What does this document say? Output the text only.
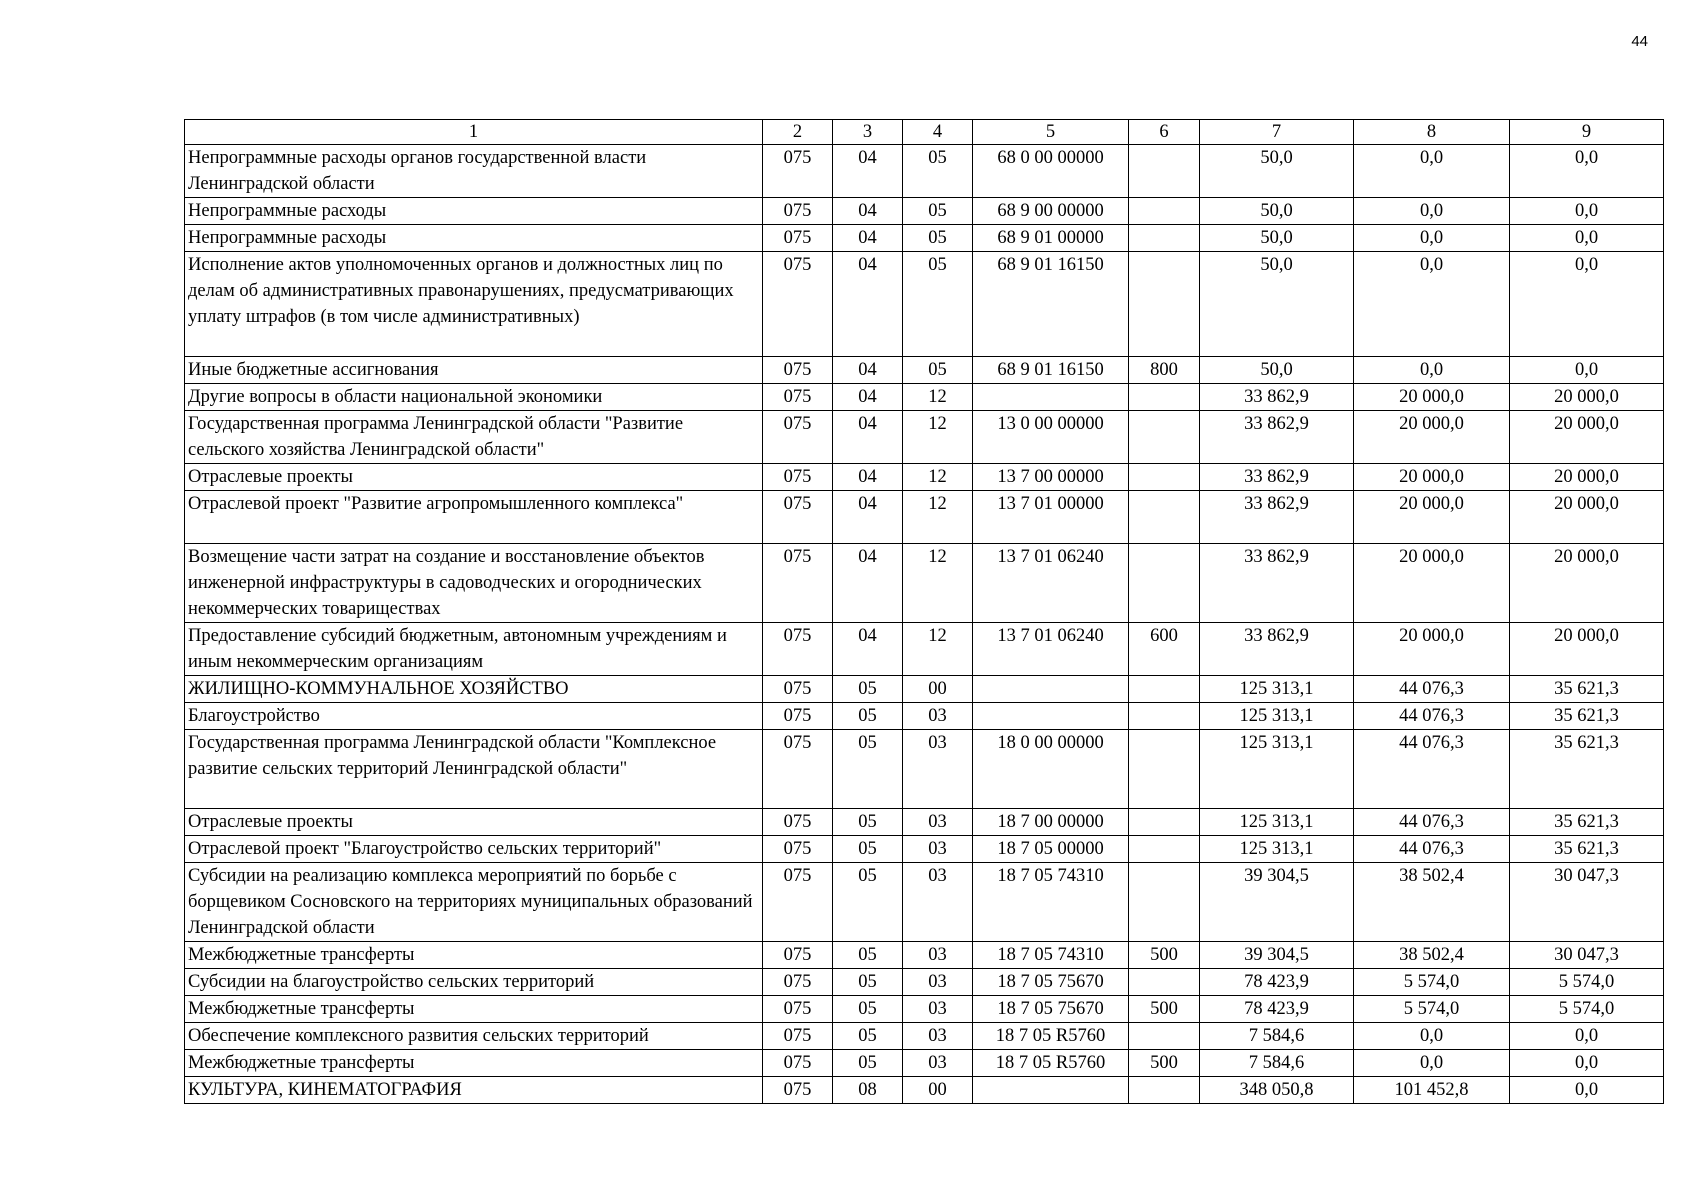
44
1	2	3	4	5	6	7	8	9
Непрограммные расходы органов государственной власти Ленинградской области	075	04	05	68 0 00 00000		50,0	0,0	0,0
Непрограммные расходы	075	04	05	68 9 00 00000		50,0	0,0	0,0
Непрограммные расходы	075	04	05	68 9 01 00000		50,0	0,0	0,0
Исполнение актов уполномоченных органов и должностных лиц по делам об административных правонарушениях, предусматривающих уплату штрафов (в том числе административных)	075	04	05	68 9 01 16150		50,0	0,0	0,0
Иные бюджетные ассигнования	075	04	05	68 9 01 16150	800	50,0	0,0	0,0
Другие вопросы в области национальной экономики	075	04	12			33 862,9	20 000,0	20 000,0
Государственная программа Ленинградской области "Развитие сельского хозяйства Ленинградской области"	075	04	12	13 0 00 00000		33 862,9	20 000,0	20 000,0
Отраслевые проекты	075	04	12	13 7 00 00000		33 862,9	20 000,0	20 000,0
Отраслевой проект "Развитие агропромышленного комплекса"	075	04	12	13 7 01 00000		33 862,9	20 000,0	20 000,0
Возмещение части затрат на создание и восстановление объектов инженерной инфраструктуры в садоводческих и огороднических некоммерческих товариществах	075	04	12	13 7 01 06240		33 862,9	20 000,0	20 000,0
Предоставление субсидий бюджетным, автономным учреждениям и иным некоммерческим организациям	075	04	12	13 7 01 06240	600	33 862,9	20 000,0	20 000,0
ЖИЛИЩНО-КОММУНАЛЬНОЕ ХОЗЯЙСТВО	075	05	00			125 313,1	44 076,3	35 621,3
Благоустройство	075	05	03			125 313,1	44 076,3	35 621,3
Государственная программа Ленинградской области "Комплексное развитие сельских территорий Ленинградской области"	075	05	03	18 0 00 00000		125 313,1	44 076,3	35 621,3
Отраслевые проекты	075	05	03	18 7 00 00000		125 313,1	44 076,3	35 621,3
Отраслевой проект "Благоустройство сельских территорий"	075	05	03	18 7 05 00000		125 313,1	44 076,3	35 621,3
Субсидии на реализацию комплекса мероприятий по борьбе с борщевиком Сосновского на территориях муниципальных образований Ленинградской области	075	05	03	18 7 05 74310		39 304,5	38 502,4	30 047,3
Межбюджетные трансферты	075	05	03	18 7 05 74310	500	39 304,5	38 502,4	30 047,3
Субсидии на благоустройство сельских территорий	075	05	03	18 7 05 75670		78 423,9	5 574,0	5 574,0
Межбюджетные трансферты	075	05	03	18 7 05 75670	500	78 423,9	5 574,0	5 574,0
Обеспечение комплексного развития сельских территорий	075	05	03	18 7 05 R5760		7 584,6	0,0	0,0
Межбюджетные трансферты	075	05	03	18 7 05 R5760	500	7 584,6	0,0	0,0
КУЛЬТУРА, КИНЕМАТОГРАФИЯ	075	08	00			348 050,8	101 452,8	0,0
